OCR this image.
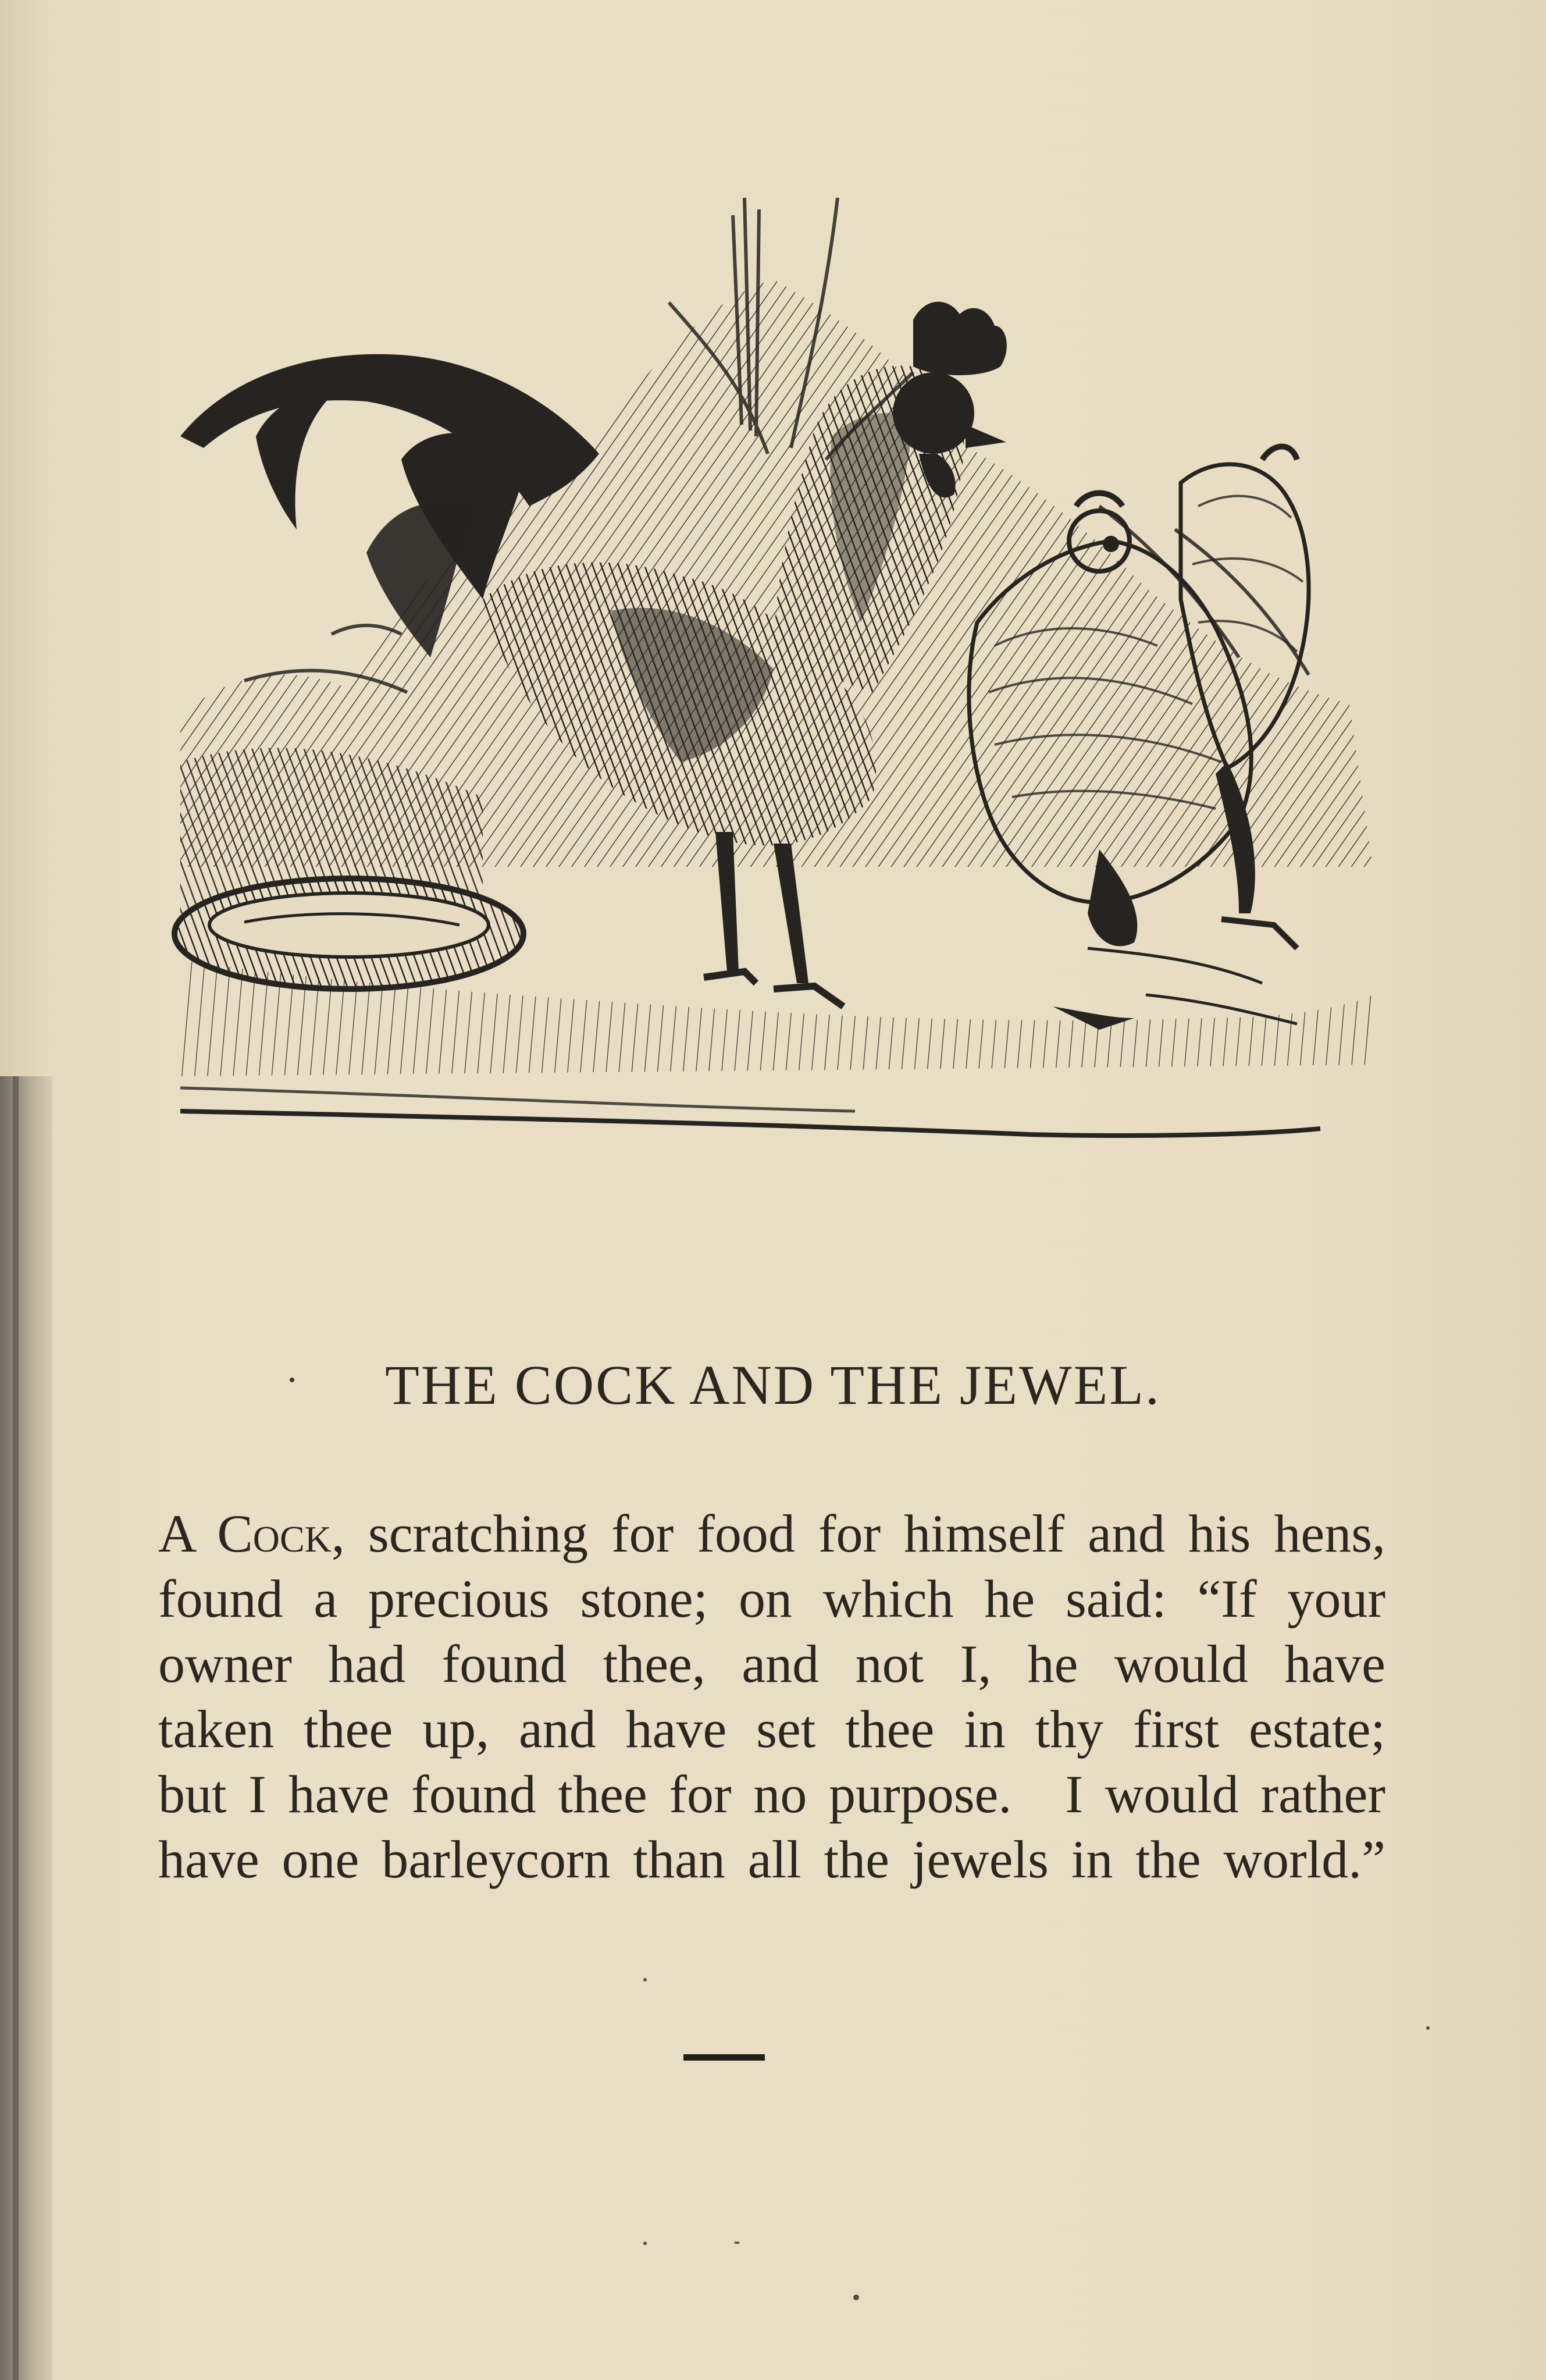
THE COCK AND THE JEWEL.
A Cock, scratching for food for himself and his hens,
found a precious stone; on which he said: “If your
owner had found thee, and not I, he would have
taken thee up, and have set thee in thy first estate;
but I have found thee for no purpose. I would rather
have one barleycorn than all the jewels in the world.”
